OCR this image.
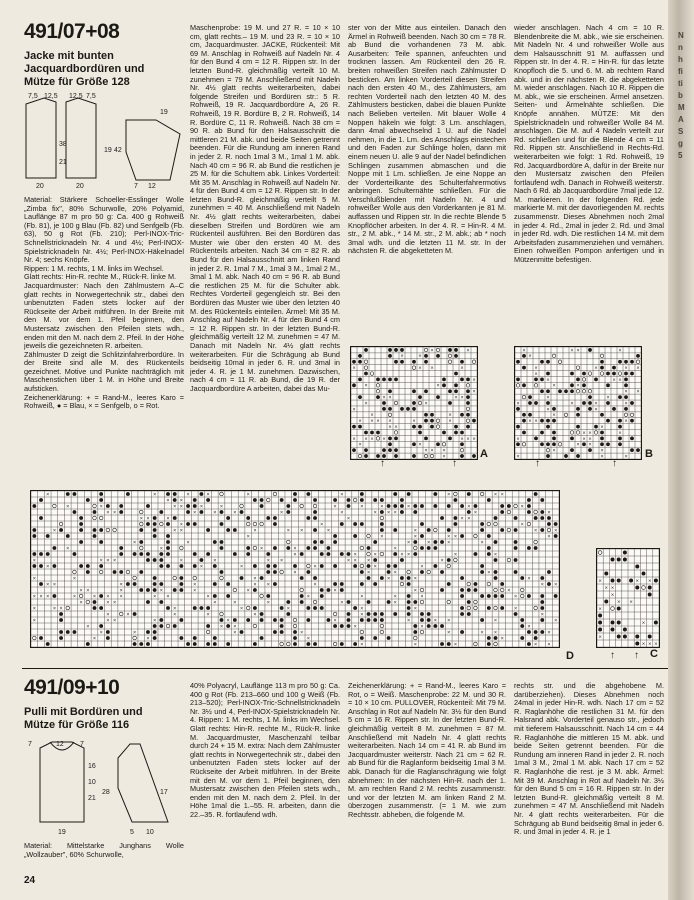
491/07+08
Jacke mit bunten
Jacquardbordüren und
Mütze für Größe 128
7,5 12,5 12,5 7,5
38
21
19 42
20	20	7 12
19

Material: Stärkere Schoeller-Esslinger Wolle „Zimba fix", 80% Schurwolle, 20% Polyamid, Lauflänge 87 m pro 50 g: Ca. 400 g Rohweiß (Fb. 81), je 100 g Blau (Fb. 82) und Senfgelb (Fb. 63), 50 g Rot (Fb. 210); Perl-INOX-Tric-Schnellstricknadeln Nr. 4 und 4½; Perl-INOX-Spielstricknadeln Nr. 4½; Perl-INOX-Häkelnadel Nr. 4; sechs Knöpfe.

Rippen: 1 M. rechts, 1 M. links im Wechsel.

Glatt rechts: Hin-R. rechte M., Rück-R. linke M.

Jacquardmuster: Nach den Zählmustern A–C glatt rechts in Norwegertechnik str., dabei den unbenutzten Faden stets locker auf der Rückseite der Arbeit mitführen. In der Breite mit den M. vor dem 1. Pfeil beginnen, den Mustersatz zwischen den Pfeilen stets wdh., enden mit den M. nach dem 2. Pfeil. In der Höhe jeweils die gezeichneten R. arbeiten.

Zählmuster D zeigt die Schlitzinfahrerbordüre. In der Breite sind alle M. des Rückenteils gezeichnet. Motive und Punkte nachträglich mit Maschenstichen über 1 M. in Höhe und Breite aufsticken.

Zeichenerklärung: + = Rand-M., leeres Karo = Rohweiß, ● = Blau, × = Senfgelb, o = Rot.

Maschenprobe: 19 M. und 27 R. = 10 × 10 cm, glatt rechts.– 19 M. und 23 R. = 10 × 10 cm, Jacquardmuster. JACKE, Rückenteil: Mit 69 M. Anschlag in Rohweiß auf Nadeln Nr. 4 für den Bund 4 cm = 12 R. Rippen str. In der letzten Bund-R. gleichmäßig verteilt 10 M. zunehmen = 79 M. Anschließend mit Nadeln Nr. 4½ glatt rechts weiterarbeiten, dabei folgende Streifen und Bordüren str.: 5 R. Rohweiß, 19 R. Jacquardbordüre A, 26 R. Rohweiß, 19 R. Bordüre B, 2 R. Rohweiß, 14 R. Bordüre C, 11 R. Rohweiß. Nach 38 cm = 90 R. ab Bund für den Halsausschnitt die mittleren 21 M. abk. und beide Seiten getrennt beenden. Für die Rundung am inneren Rand in jeder 2. R. noch 1mal 3 M., 1mal 1 M. abk. Nach 40 cm = 96 R. ab Bund die restlichen je 25 M. für die Schultern abk. Linkes Vorderteil: Mit 35 M. Anschlag in Rohweiß auf Nadeln Nr. 4 für den Bund 4 cm = 12 R. Rippen str. In der letzten Bund-R. gleichmäßig verteilt 5 M. zunehmen = 40 M. Anschließend mit Nadeln Nr. 4½ glatt rechts weiterarbeiten, dabei dieselben Streifen und Bordüren wie am Rückenteil ausführen. Bei den Bordüren das Muster wie über den ersten 40 M. des Rückenteils arbeiten. Nach 34 cm = 82 R. ab Bund für den Halsausschnitt am linken Rand in jeder 2. R. 1mal 7 M., 1mal 3 M., 1mal 2 M., 3mal 1 M. abk. Nach 40 cm = 96 R. ab Bund die restlichen 25 M. für die Schulter abk. Rechtes Vorderteil gegengleich str. Bei den Bordüren das Muster wie über den letzten 40 M. des Rückenteils einteilen. Ärmel: Mit 35 M. Anschlag auf Nadeln Nr. 4 für den Bund 4 cm = 12 R. Rippen str. In der letzten Bund-R. gleichmäßig verteilt 12 M. zunehmen = 47 M. Danach mit Nadeln Nr. 4½ glatt rechts weiterarbeiten. Für die Schrägung ab Bund beidseitig 10mal in jeder 6. R. und 3mal in jeder 4. R. je 1 M. zunehmen. Dazwischen, nach 4 cm = 11 R. ab Bund, die 19 R. der Jacquardbordüre A arbeiten, dabei das Mu-
ster von der Mitte aus einteilen. Danach den Ärmel in Rohweiß beenden. Nach 30 cm = 78 R. ab Bund die vorhandenen 73 M. abk. Ausarbeiten: Teile spannen, anfeuchten und trocknen lassen. Am Rückenteil den 26 R. breiten rohweißen Streifen nach Zählmuster D besticken. Am linken Vorderteil diesen Streifen nach den ersten 40 M., des Zählmusters, am rechten Vorderteil nach den letzten 40 M. des Zählmusters besticken, dabei die blauen Punkte nach Belieben verteilen. Mit blauer Wolle 4 Noppen häkeln wie folgt: 3 Lm. anschlagen, dann 4mal abwechselnd 1 U. auf die Nadel nehmen, in die 1. Lm. des Anschlags einstechen und den Faden zur Schlinge holen, dann mit einem neuen U. alle 9 auf der Nadel befindlichen Schlingen zusammen abmaschen und die Noppe mit 1 Lm. schließen. Je eine Noppe an der Vorderteilkante des Schulterfahrermotivs anbringen. Schulternähte schließen. Für die Verschlußblenden mit Nadeln Nr. 4 und rohweißer Wolle aus den Vorderkanten je 81 M. auffassen und Rippen str. In die rechte Blende 5 Knopflöcher arbeiten. In der 4. R. = Hin-R. 4 M. str., 2 M. abk., * 14 M. str., 2 M. abk.; ab * noch 3mal wdh. und die letzten 11 M. str. In der nächsten R. die abgeketteten M.
wieder anschlagen. Nach 4 cm = 10 R. Blendenbreite die M. abk., wie sie erscheinen. Mit Nadeln Nr. 4 und rohweißer Wolle aus dem Halsausschnitt 91 M. auffassen und Rippen str. In der 4. R. = Hin-R. für das letzte Knopfloch die 5. und 6. M. ab rechtem Rand abk. und in der nächsten R. die abgeketteten M. wieder anschlagen. Nach 10 R. Rippen die M. abk., wie sie erscheinen. Ärmel ansetzen. Seiten- und Ärmelnähte schließen. Die Knöpfe annähen. MÜTZE: Mit den Spielstricknadeln und rohweißer Wolle 84 M. anschlagen. Die M. auf 4 Nadeln verteilt zur Rd. schließen und für die Blende 4 cm = 11 Rd. Rippen str. Anschließend in Rechts-Rd. weiterarbeiten wie folgt: 1 Rd. Rohweiß, 19 Rd. Jacquardbordüre A, dafür in der Breite nur den Mustersatz zwischen den Pfeilen fortlaufend wdh. Danach in Rohweiß weiterstr. Nach 6 Rd. ab Jacquardbordüre 7mal jede 12. M. markieren. In der folgenden Rd. jede markierte M. mit der davorliegenden M. rechts zusammenstr. Dieses Abnehmen noch 2mal in jeder 4. Rd., 2mal in jeder 2. Rd. und 3mal in jeder Rd. wdh. Die restlichen 14 M. mit dem Arbeitsfaden zusammenziehen und vernähen. Einen rohweißen Pompon anfertigen und in Mützenmitte befestigen.
×
×
×
×
×
×
×
×
×
×
×
×
×
×
×
×
× ×
×
×
×
×
×
×
×
×
×
×
×
×
×
×
×
×
×
×
×
×
×
×
×
×
A
↑	↑
×
×
×
×
×
×
×
×
×
×
×
×
×
×
×
×
×
×
×
×
×
×
×
×
×
×
×
×
×
×
×
×
×
×
×
×
×
×
×
×
×
×
×
B
↑	↑
×
×
×
×
×
×
×
×
×
×
×
×
× ×
×
×
×
×
×
×
×
×
×
×
×
×
×
×
×
×
×
×
×
×
×
×
×
×
×
×
×
×
×
× ×
×
×
×
×
×
×
×
×
×
×
×
×
×
×
×
×
×
×
×
×
×
×
×
×
×
×
×
×
×
×
×
×
×
×
×
×
×
×
×
×
×
×
×
×
×
×
×
×
×
×
×
×
×
×
×
×
×
×
×
×
×
×
×
×
×
×
×
×
×
×
×
×
×
×
×
×
×
×
×
×
×
×
×
×
×
×
×
×
×
×
×
×
×
×
×
×
×
×
×
×
×
×
×
×
×
×
×
×
×
×
×
×
×
×
×
×
×
×
×
×
×
×
×
×
×
×
×
×
×
×
×
×
×
×
×
×
×
×
×
×
×
×
×
×
×
×
×
×
×
×
×
×
D
×
×
×
× ×
×
× ×
×
×
×
×
× ×
C
↑ ↑
491/09+10
Pulli mit Bordüren und
Mütze für Größe 116
7	12 7
16
10
21
28	17
19	5 10
Material: Mittelstarke Junghans Wolle „Wollzauber", 60% Schurwolle,
40% Polyacryl, Lauflänge 113 m pro 50 g: Ca. 400 g Rot (Fb. 213–660 und 100 g Weiß (Fb. 213–520); Perl-INOX-Tric-Schnellstricknadeln Nr. 3½ und 4, Perl-INOX-Spielstricknadeln Nr. 4. Rippen: 1 M. rechts, 1 M. links im Wechsel. Glatt rechts: Hin-R. rechte M., Rück-R. linke M. Jacquardmuster, Maschenzahl teilbar durch 24 + 15 M. extra: Nach dem Zählmuster glatt rechts in Norwegertechnik str., dabei den unbenutzten Faden stets locker auf der Rückseite der Arbeit mitführen. In der Breite mit den M. vor dem 1. Pfeil beginnen, den Mustersatz zwischen den Pfeilen stets wdh., enden mit den M. nach dem 2. Pfeil. In der Höhe 1mal die 1.–55. R. arbeiten, dann die 22.–35. R. fortlaufend wdh.
Zeichenerklärung: + = Rand-M., leeres Karo = Rot, o = Weiß. Maschenprobe: 22 M. und 30 R. = 10 × 10 cm. PULLOVER, Rückenteil: Mit 79 M. Anschlag in Rot auf Nadeln Nr. 3½ für den Bund 5 cm = 16 R. Rippen str. In der letzten Bund-R. gleichmäßig verteilt 8 M. zunehmen = 87 M. Anschließend mit Nadeln Nr. 4 glatt rechts weiterarbeiten. Nach 14 cm = 41 R. ab Bund im Jacquardmuster weiterstr. Nach 21 cm = 62 R. ab Bund für die Raglanform beidseitig 1mal 3 M. abk. Danach für die Raglanschrägung wie folgt abnehmen: In der nächsten Hin-R. nach der 1. M. am rechten Rand 2 M. rechts zusammenstr. und vor der letzten M. am linken Rand 2 M. überzogen zusammenstr. (= 1 M. wie zum Rechtsstr. abheben, die folgende M.
rechts str. und die abgehobene M. darüberziehen). Dieses Abnehmen noch 24mal in jeder Hin-R. wdh. Nach 17 cm = 52 R. Raglanhöhe die restlichen 31 M. für den Halsrand abk. Vorderteil genauso str., jedoch mit tieferem Halsausschnitt. Nach 14 cm = 44 R. Raglanhöhe die mittleren 15 M. abk. und beide Seiten getrennt beenden. Für die Rundung am inneren Rand in jeder 2. R. noch 1mal 3 M., 2mal 1 M. abk. Nach 17 cm = 52 R. Raglanhöhe die rest. je 3 M. abk. Ärmel: Mit 39 M. Anschlag in Rot auf Nadeln Nr. 3½ für den Bund 5 cm = 16 R. Rippen str. In der letzten Bund-R. gleichmäßig verteilt 8 M. zunehmen = 47 M. Anschließend mit Nadeln Nr. 4 glatt rechts weiterarbeiten. Für die Schrägung ab Bund beidseitig 8mal in jeder 6. R. und 3mal in jeder 4. R. je 1
24
N
n
h
fi
ti
b
M
A
S
g
5
